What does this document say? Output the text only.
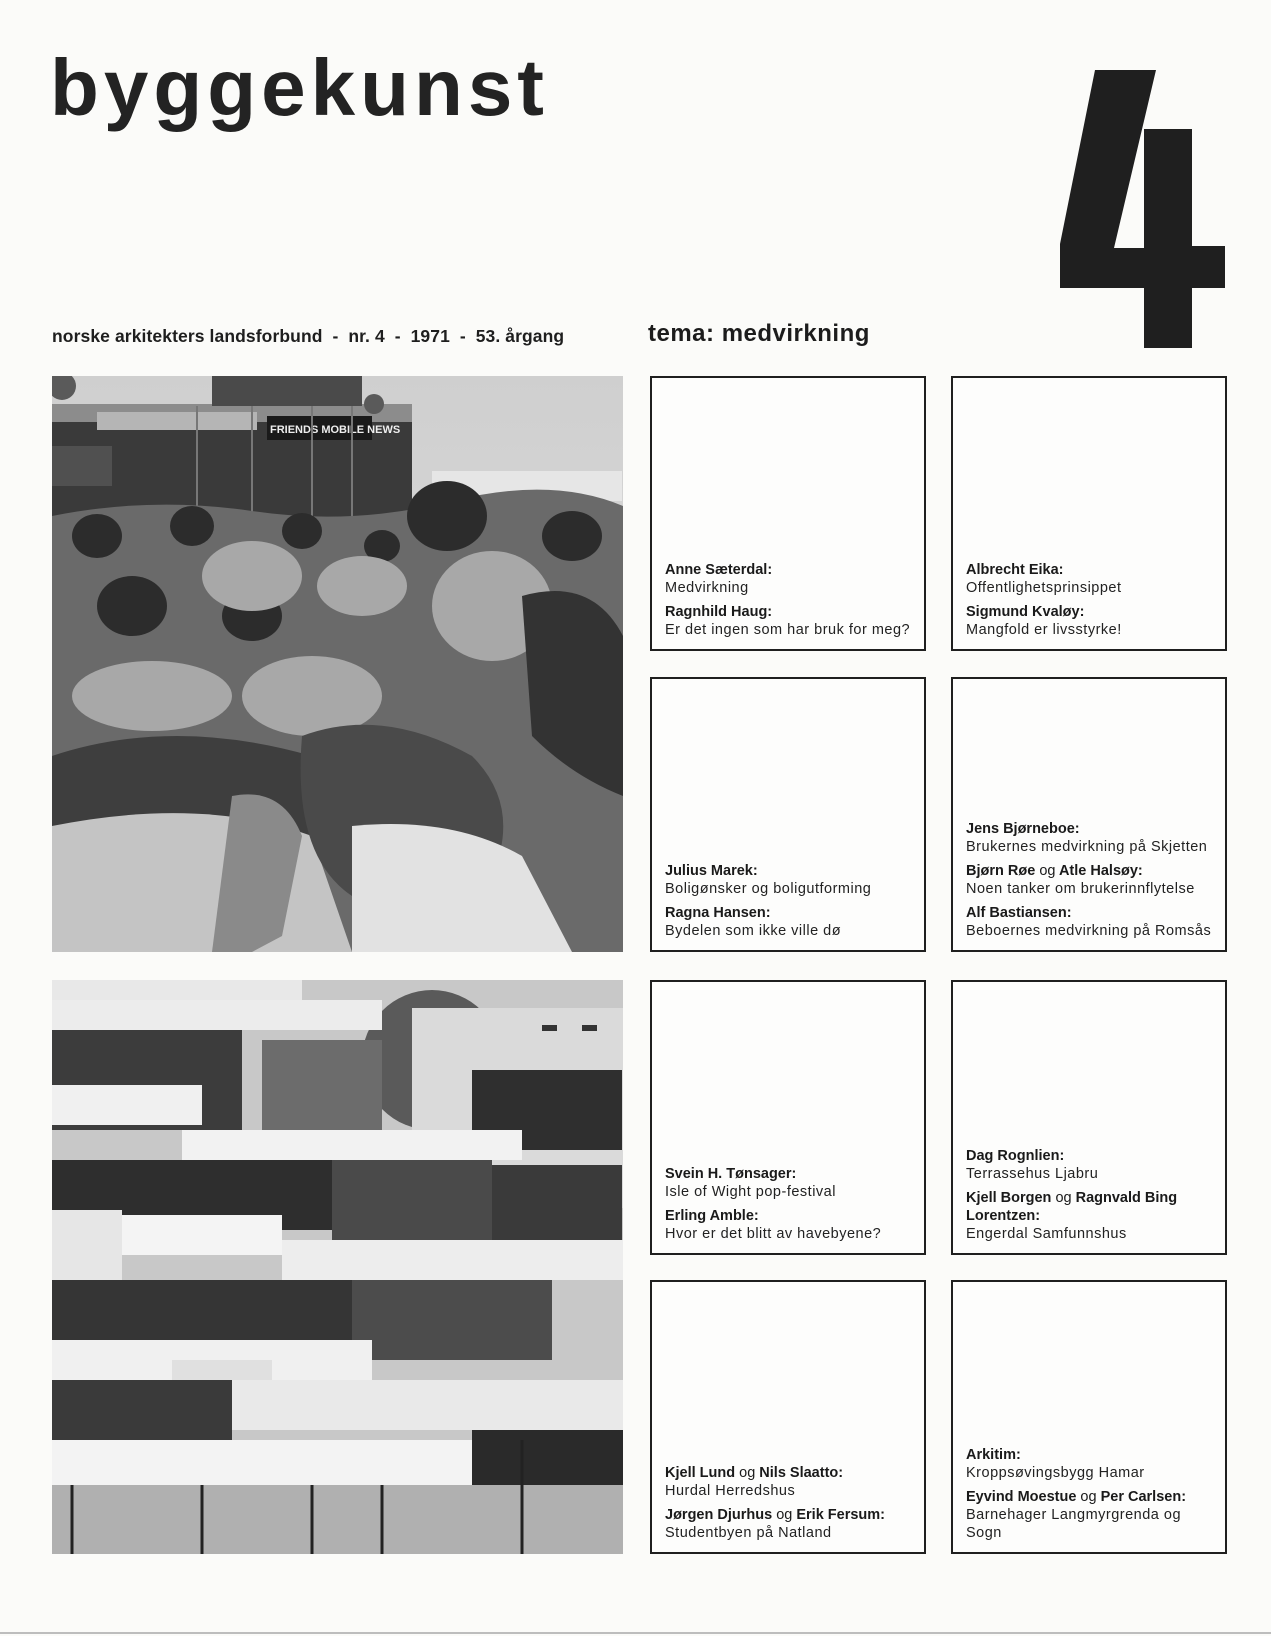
byggekunst
norske arkitekters landsforbund  -  nr. 4  -  1971  -  53. årgang	tema: medvirkning
FRIENDS MOBILE NEWS
Anne Sæterdal:
Medvirkning
Ragnhild Haug:
Er det ingen som har bruk for meg?
Albrecht Eika:
Offentlighetsprinsippet
Sigmund Kvaløy:
Mangfold er livsstyrke!
Julius Marek:
Boligønsker og boligutforming
Ragna Hansen:
Bydelen som ikke ville dø
Jens Bjørneboe:
Brukernes medvirkning på Skjetten
Bjørn Røe og Atle Halsøy:
Noen tanker om brukerinnflytelse
Alf Bastiansen:
Beboernes medvirkning på Romsås
Svein H. Tønsager:
Isle of Wight pop-festival
Erling Amble:
Hvor er det blitt av havebyene?
Dag Rognlien:
Terrassehus Ljabru
Kjell Borgen og Ragnvald Bing Lorentzen:
Engerdal Samfunnshus
Kjell Lund og Nils Slaatto:
Hurdal Herredshus
Jørgen Djurhus og Erik Fersum:
Studentbyen på Natland
Arkitim:
Kroppsøvingsbygg Hamar
Eyvind Moestue og Per Carlsen:
Barnehager Langmyrgrenda og Sogn
